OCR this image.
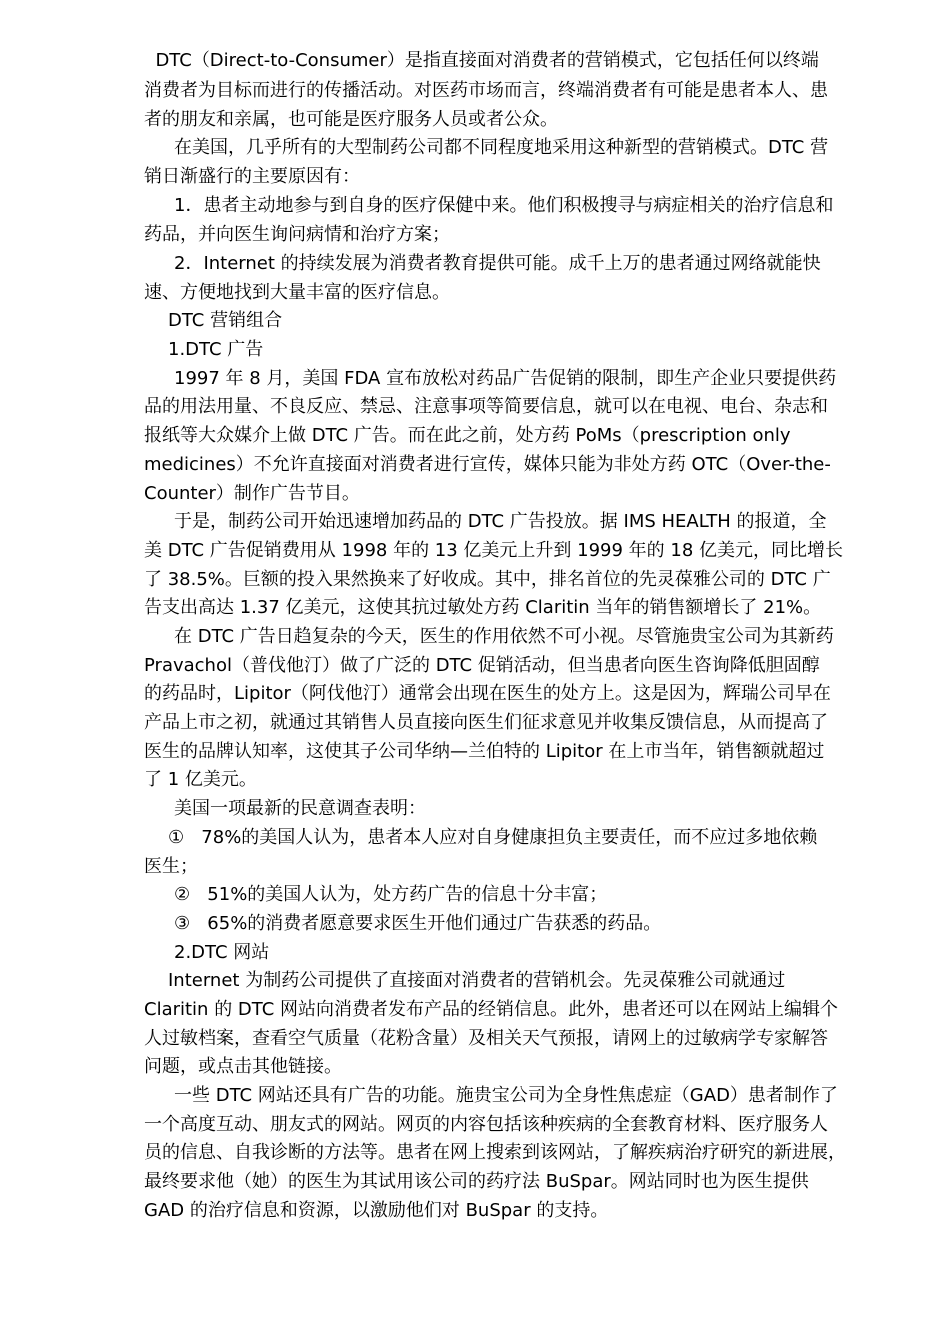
DTC（Direct-to-Consumer）是指直接面对消费者的营销模式，它包括任何以终端
消费者为目标而进行的传播活动。对医药市场而言，终端消费者有可能是患者本人、患
者的朋友和亲属，也可能是医疗服务人员或者公众。
在美国，几乎所有的大型制药公司都不同程度地采用这种新型的营销模式。DTC 营
销日渐盛行的主要原因有：
1．患者主动地参与到自身的医疗保健中来。他们积极搜寻与病症相关的治疗信息和
药品，并向医生询问病情和治疗方案；
2．Internet 的持续发展为消费者教育提供可能。成千上万的患者通过网络就能快
速、方便地找到大量丰富的医疗信息。
DTC 营销组合
1.DTC 广告
1997 年 8 月，美国 FDA 宣布放松对药品广告促销的限制，即生产企业只要提供药
品的用法用量、不良反应、禁忌、注意事项等简要信息，就可以在电视、电台、杂志和
报纸等大众媒介上做 DTC 广告。而在此之前，处方药 PoMs（prescription only
medicines）不允许直接面对消费者进行宣传，媒体只能为非处方药 OTC（Over-the-
Counter）制作广告节目。
于是，制药公司开始迅速增加药品的 DTC 广告投放。据 IMS HEALTH 的报道，全
美 DTC 广告促销费用从 1998 年的 13 亿美元上升到 1999 年的 18 亿美元，同比增长
了 38.5%。巨额的投入果然换来了好收成。其中，排名首位的先灵葆雅公司的 DTC 广
告支出高达 1.37 亿美元，这使其抗过敏处方药 Claritin 当年的销售额增长了 21%。
在 DTC 广告日趋复杂的今天，医生的作用依然不可小视。尽管施贵宝公司为其新药
Pravachol（普伐他汀）做了广泛的 DTC 促销活动，但当患者向医生咨询降低胆固醇
的药品时，Lipitor（阿伐他汀）通常会出现在医生的处方上。这是因为，辉瑞公司早在
产品上市之初，就通过其销售人员直接向医生们征求意见并收集反馈信息，从而提高了
医生的品牌认知率，这使其子公司华纳—兰伯特的 Lipitor 在上市当年，销售额就超过
了 1 亿美元。
美国一项最新的民意调查表明：
①   78%的美国人认为，患者本人应对自身健康担负主要责任，而不应过多地依赖
医生；
②   51%的美国人认为，处方药广告的信息十分丰富；
③   65%的消费者愿意要求医生开他们通过广告获悉的药品。
2.DTC 网站
Internet 为制药公司提供了直接面对消费者的营销机会。先灵葆雅公司就通过
Claritin 的 DTC 网站向消费者发布产品的经销信息。此外，患者还可以在网站上编辑个
人过敏档案，查看空气质量（花粉含量）及相关天气预报，请网上的过敏病学专家解答
问题，或点击其他链接。
一些 DTC 网站还具有广告的功能。施贵宝公司为全身性焦虑症（GAD）患者制作了
一个高度互动、朋友式的网站。网页的内容包括该种疾病的全套教育材料、医疗服务人
员的信息、自我诊断的方法等。患者在网上搜索到该网站，了解疾病治疗研究的新进展，
最终要求他（她）的医生为其试用该公司的药疗法 BuSpar。网站同时也为医生提供
GAD 的治疗信息和资源，以激励他们对 BuSpar 的支持。
